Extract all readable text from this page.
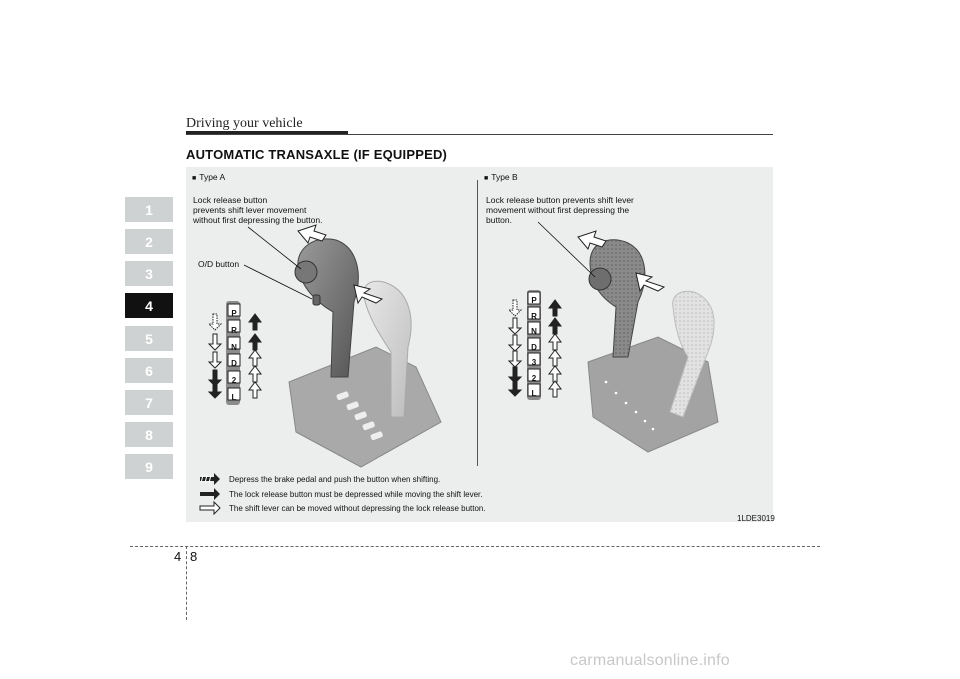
Driving your vehicle
AUTOMATIC TRANSAXLE (IF EQUIPPED)
1
2
3
4
5
6
7
8
9
■ Type A
Lock release button
prevents shift lever movement
without first depressing the button.
O/D button
■ Type B
Lock release button prevents shift lever
movement without first depressing the
button.
P
R
N
D
2
L
P
R
N
D
3
2
L
Depress the brake pedal and push the button when shifting.
The lock release button must be depressed while moving the shift lever.
The shift lever can be moved without depressing the lock release button.
1LDE3019
4 8
carmanualsonline.info
